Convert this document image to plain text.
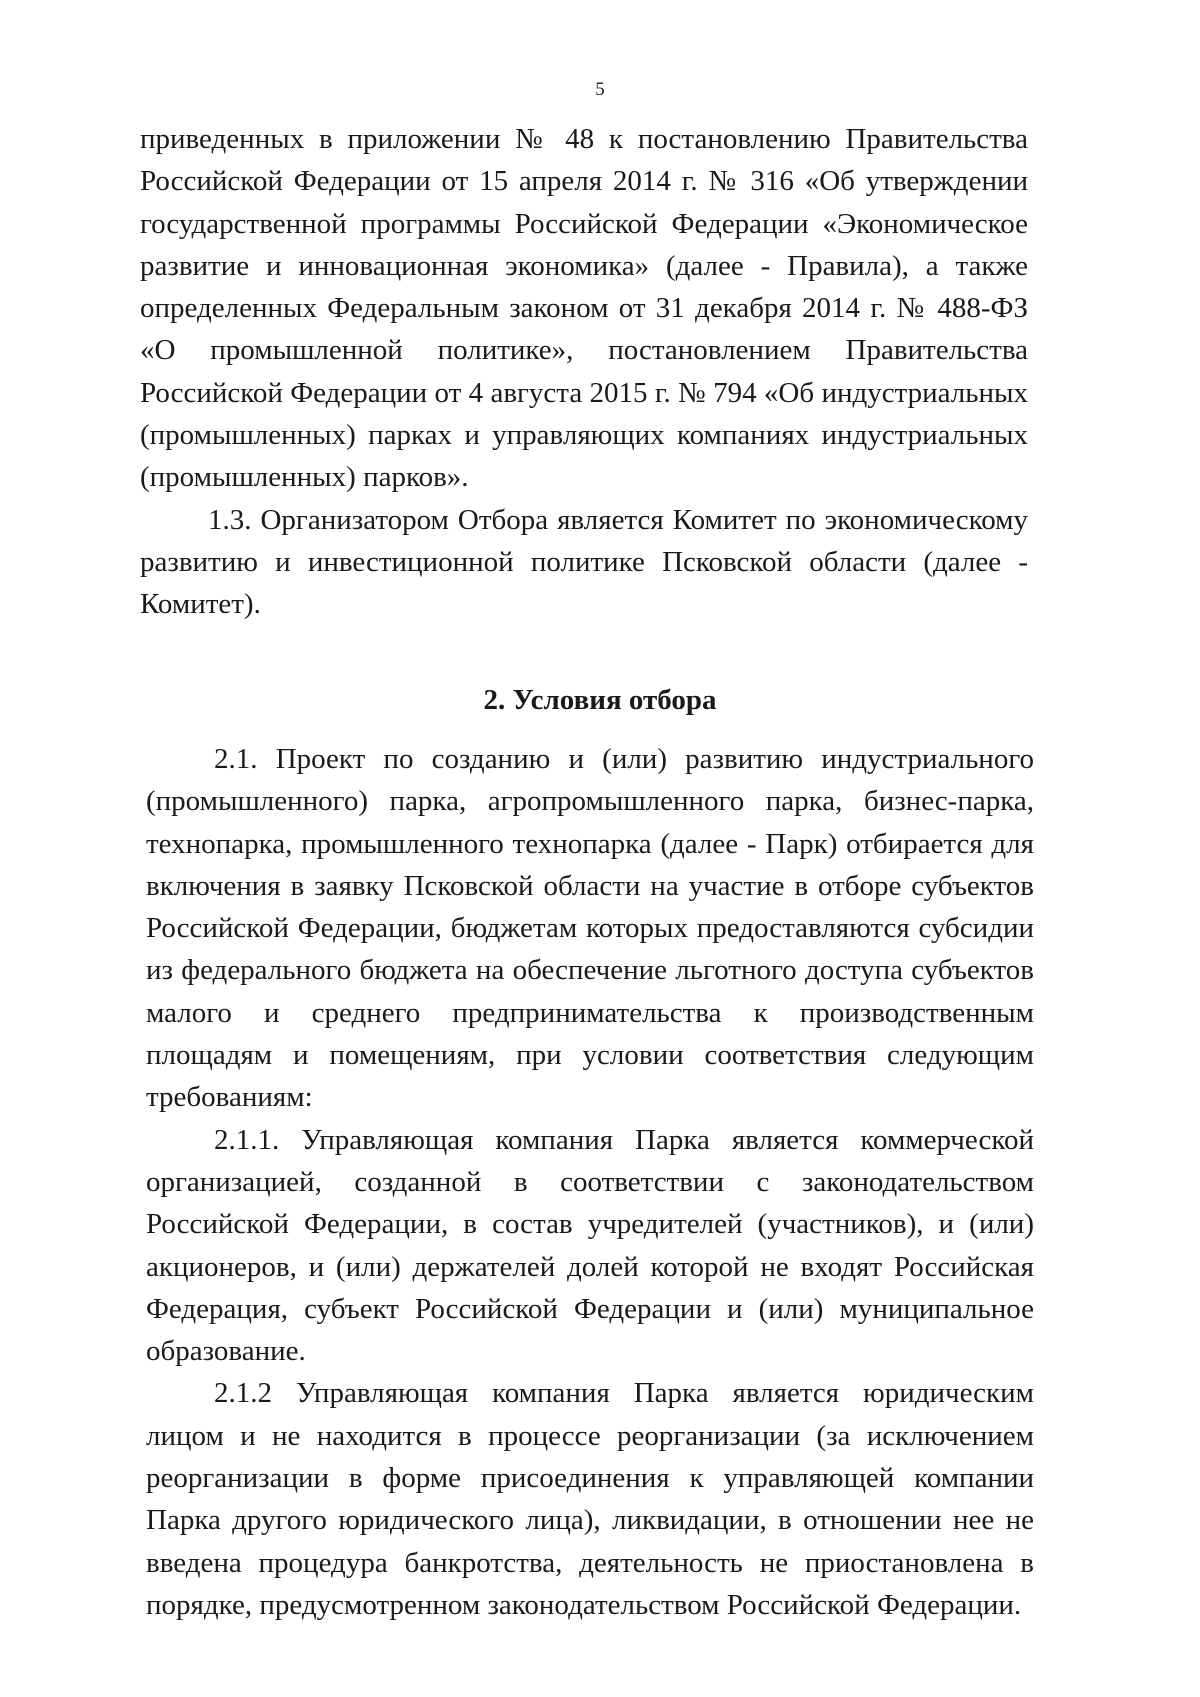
5

приведенных в приложении № 48 к постановлению Правительства Российской Федерации от 15 апреля 2014 г. № 316 «Об утверждении государственной программы Российской Федерации «Экономическое развитие и инновационная экономика» (далее - Правила), а также определенных Федеральным законом от 31 декабря 2014 г. № 488-ФЗ «О промышленной политике», постановлением Правительства Российской Федерации от 4 августа 2015 г. № 794 «Об индустриальных (промышленных) парках и управляющих компаниях индустриальных (промышленных) парков».

1.3. Организатором Отбора является Комитет по экономическому развитию и инвестиционной политике Псковской области (далее - Комитет).

2. Условия отбора

2.1. Проект по созданию и (или) развитию индустриального (промышленного) парка, агропромышленного парка, бизнес-парка, технопарка, промышленного технопарка (далее - Парк) отбирается для включения в заявку Псковской области на участие в отборе субъектов Российской Федерации, бюджетам которых предоставляются субсидии из федерального бюджета на обеспечение льготного доступа субъектов малого и среднего предпринимательства к производственным площадям и помещениям, при условии соответствия следующим требованиям:

2.1.1. Управляющая компания Парка является коммерческой организацией, созданной в соответствии с законодательством Российской Федерации, в состав учредителей (участников), и (или) акционеров, и (или) держателей долей которой не входят Российская Федерация, субъект Российской Федерации и (или) муниципальное образование.

2.1.2 Управляющая компания Парка является юридическим лицом и не находится в процессе реорганизации (за исключением реорганизации в форме присоединения к управляющей компании Парка другого юридического лица), ликвидации, в отношении нее не введена процедура банкротства, деятельность не приостановлена в порядке, предусмотренном законодательством Российской Федерации.
